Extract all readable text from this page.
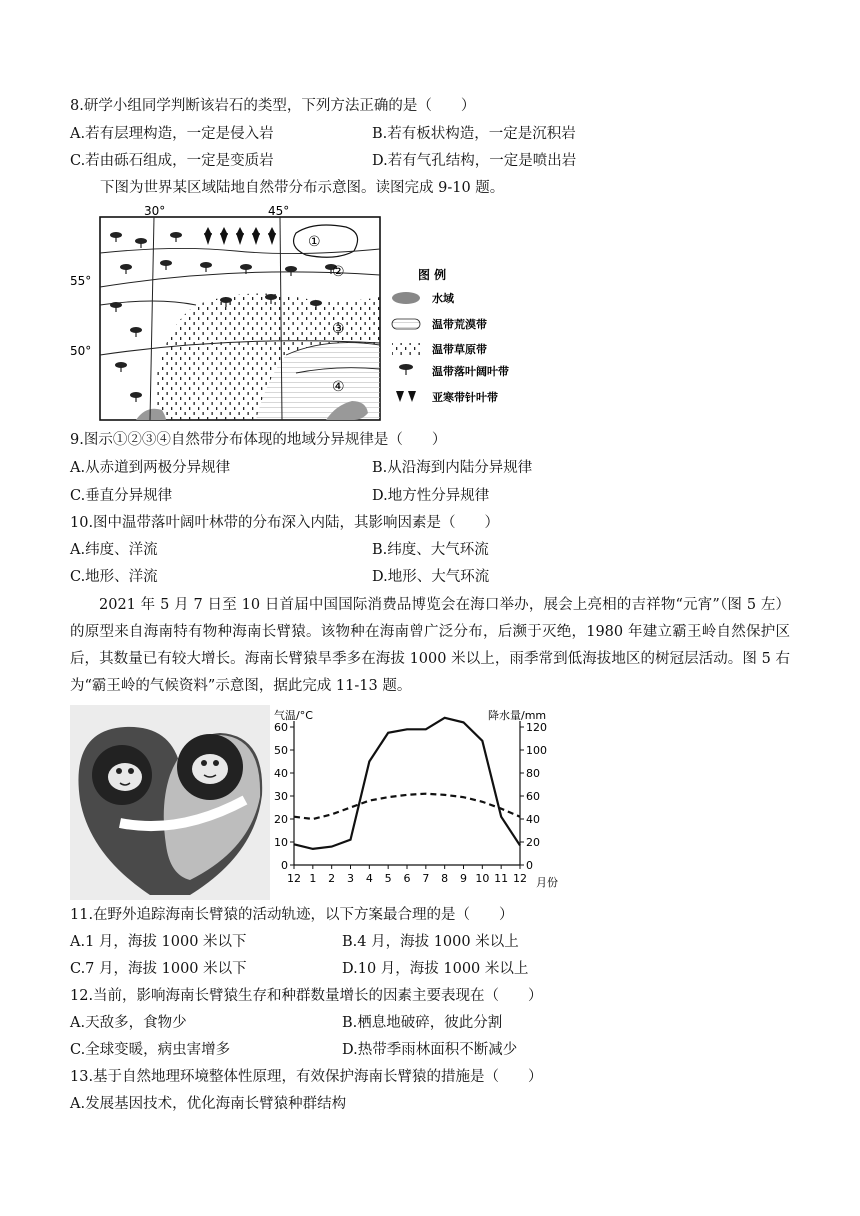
8.研学小组同学判断该岩石的类型，下列方法正确的是（　　）
A.若有层理构造，一定是侵入岩	B.若有板状构造，一定是沉积岩
C.若由砾石组成，一定是变质岩	D.若有气孔结构，一定是喷出岩
下图为世界某区域陆地自然带分布示意图。读图完成 9-10 题。
①
②
③
④
30°	45°
55°
50°
图 例
水域
温带荒漠带
温带草原带
温带落叶阔叶带
亚寒带针叶带
9.图示①②③④自然带分布体现的地域分异规律是（　　）
A.从赤道到两极分异规律	B.从沿海到内陆分异规律
C.垂直分异规律	D.地方性分异规律
10.图中温带落叶阔叶林带的分布深入内陆，其影响因素是（　　）
A.纬度、洋流	B.纬度、大气环流
C.地形、洋流	D.地形、大气环流
2021 年 5 月 7 日至 10 日首届中国国际消费品博览会在海口举办，展会上亮相的吉祥物“元宵”（图 5 左）的原型来自海南特有物种海南长臂猿。该物种在海南曾广泛分布，后濒于灭绝，1980 年建立霸王岭自然保护区后，其数量已有较大增长。海南长臂猿旱季多在海拔 1000 米以上，雨季常到低海拔地区的树冠层活动。图 5 右为“霸王岭的气候资料”示意图，据此完成 11-13 题。
气温/°C	降水量/mm
月份
0
10
20
30
40
50
60
0
20
40
60
80
100
120
12 1 2 3 4 5 6 7 8 9 10 11 12
11.在野外追踪海南长臂猿的活动轨迹，以下方案最合理的是（　　）
A.1 月，海拔 1000 米以下	B.4 月，海拔 1000 米以上
C.7 月，海拔 1000 米以下	D.10 月，海拔 1000 米以上
12.当前，影响海南长臂猿生存和种群数量增长的因素主要表现在（　　）
A.天敌多，食物少	B.栖息地破碎，彼此分割
C.全球变暖，病虫害增多	D.热带季雨林面积不断减少
13.基于自然地理环境整体性原理，有效保护海南长臂猿的措施是（　　）
A.发展基因技术，优化海南长臂猿种群结构
